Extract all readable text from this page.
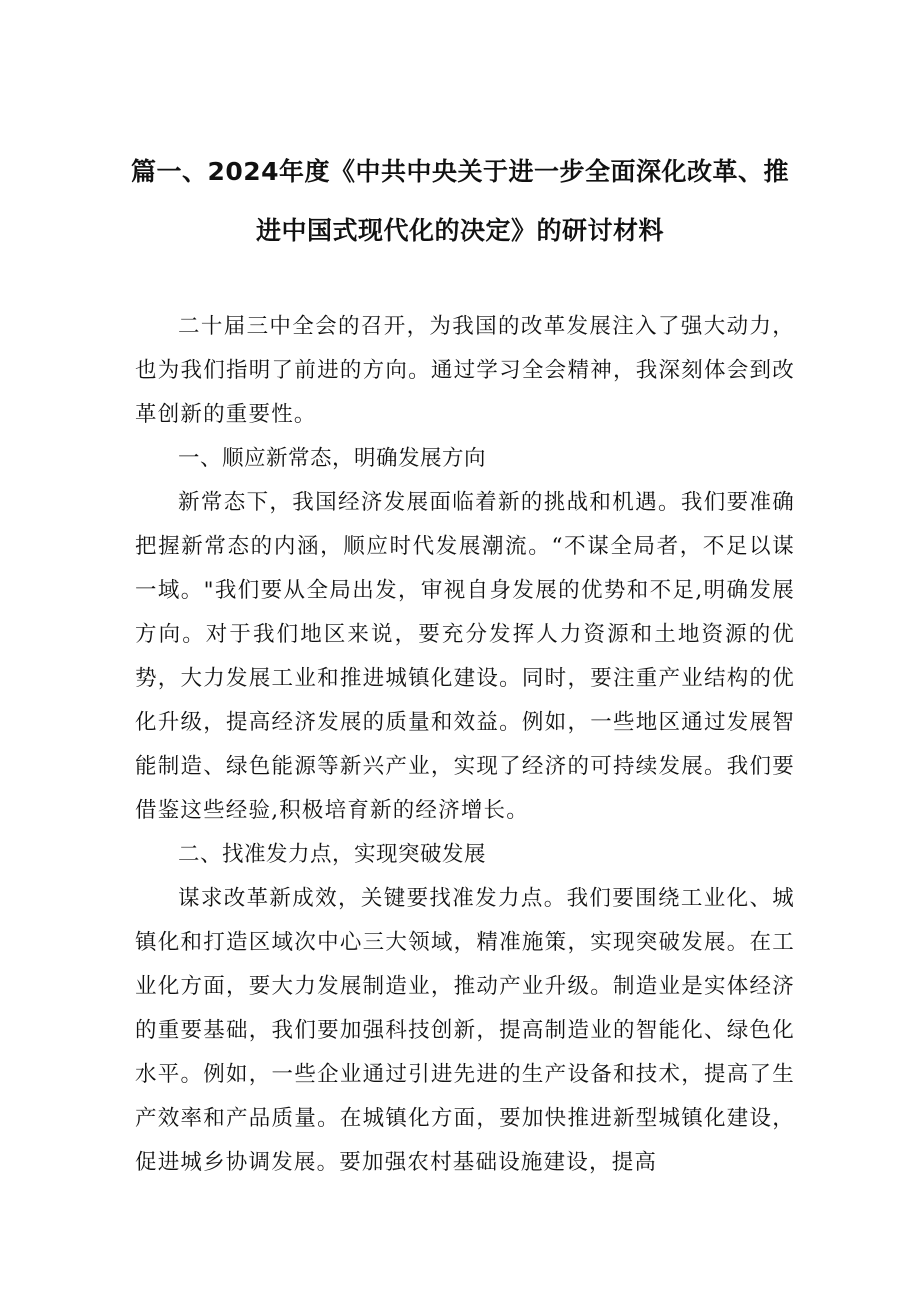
篇一、2024年度《中共中央关于进一步全面深化改革、推
进中国式现代化的决定》的研讨材料

二十届三中全会的召开，为我国的改革发展注入了强大动力，也为我们指明了前进的方向。通过学习全会精神，我深刻体会到改革创新的重要性。

一、顺应新常态，明确发展方向

新常态下，我国经济发展面临着新的挑战和机遇。我们要准确把握新常态的内涵，顺应时代发展潮流。“不谋全局者，不足以谋一域。"我们要从全局出发，审视自身发展的优势和不足,明确发展方向。对于我们地区来说，要充分发挥人力资源和土地资源的优势，大力发展工业和推进城镇化建设。同时，要注重产业结构的优化升级，提高经济发展的质量和效益。例如，一些地区通过发展智能制造、绿色能源等新兴产业，实现了经济的可持续发展。我们要借鉴这些经验,积极培育新的经济增长。

二、找准发力点，实现突破发展

谋求改革新成效，关键要找准发力点。我们要围绕工业化、城镇化和打造区域次中心三大领域，精准施策，实现突破发展。在工业化方面，要大力发展制造业，推动产业升级。制造业是实体经济的重要基础，我们要加强科技创新，提高制造业的智能化、绿色化水平。例如，一些企业通过引进先进的生产设备和技术，提高了生产效率和产品质量。在城镇化方面，要加快推进新型城镇化建设，促进城乡协调发展。要加强农村基础设施建设，提高
